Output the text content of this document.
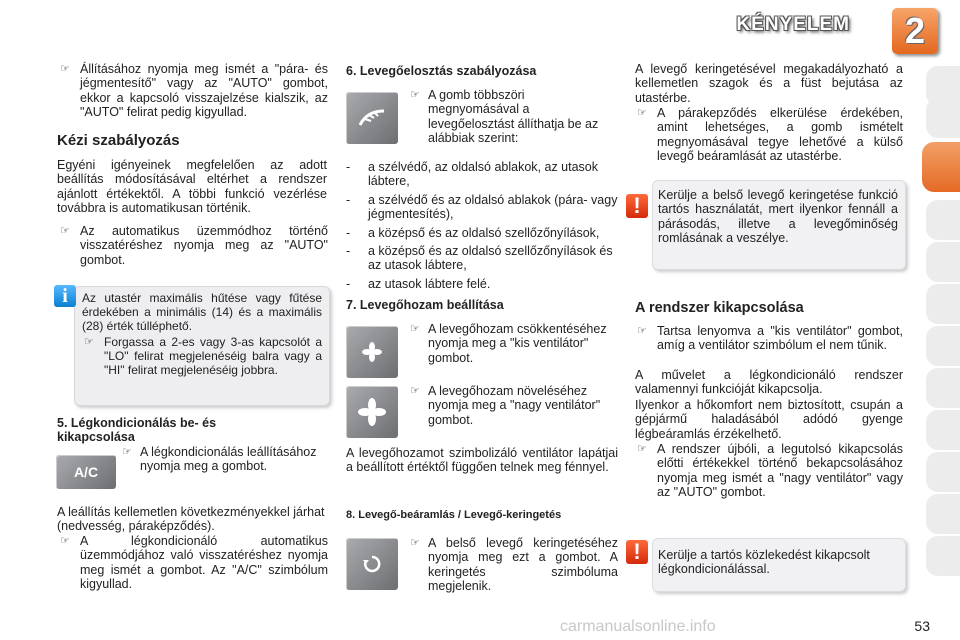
KÉNYELEM	2
☞ Állításához nyomja meg ismét a "pára- és jégmentesítő" vagy az "AUTO" gombot, ekkor a kapcsoló visszajelzése kialszik, az "AUTO" felirat pedig kigyullad.
Kézi szabályozás
Egyéni igényeinek megfelelően az adott beállítás módosításával eltérhet a rendszer ajánlott értékektől. A többi funkció vezérlése továbbra is automatikusan történik.
☞ Az automatikus üzemmódhoz történő visszatéréshez nyomja meg az "AUTO" gombot.
i	Az utastér maximális hűtése vagy fűtése érdekében a minimális (14) és a maximális (28) érték túlléphető.
☞ Forgassa a 2-es vagy 3-as kapcsolót a "LO" felirat megjelenéséig balra vagy a "HI" felirat megjelenéséig jobbra.
5. Légkondicionálás be- és kikapcsolása
A/C
☞ A légkondicionálás leállításához nyomja meg a gombot.
A leállítás kellemetlen következményekkel járhat (nedvesség, páraképződés).
☞ A légkondicionáló automatikus üzemmódjához való visszatéréshez nyomja meg ismét a gombot. Az "A/C" szimbólum kigyullad.
6. Levegőelosztás szabályozása
☞ A gomb többszöri megnyomásával a levegőelosztást állíthatja be az alábbiak szerint:
- a szélvédő, az oldalsó ablakok, az utasok lábtere,
- a szélvédő és az oldalsó ablakok (pára- vagy jégmentesítés),
- a középső és az oldalsó szellőzőnyílások,
- a középső és az oldalsó szellőzőnyílások és az utasok lábtere,
- az utasok lábtere felé.
7. Levegőhozam beállítása
☞ A levegőhozam csökkentéséhez nyomja meg a "kis ventilátor" gombot.
☞ A levegőhozam növeléséhez nyomja meg a "nagy ventilátor" gombot.
A levegőhozamot szimbolizáló ventilátor lapátjai a beállított értéktől függően telnek meg fénnyel.
8. Levegő-beáramlás / Levegő-keringetés
☞ A belső levegő keringetéséhez nyomja meg ezt a gombot. A keringetés szimbóluma megjelenik.
A levegő keringetésével megakadályozható a kellemetlen szagok és a füst bejutása az utastérbe.
☞ A párakepződés elkerülése érdekében, amint lehetséges, a gomb ismételt megnyomásával tegye lehetővé a külső levegő beáramlását az utastérbe.
!	Kerülje a belső levegő keringetése funkció tartós használatát, mert ilyenkor fennáll a párásodás, illetve a levegőminőség romlásának a veszélye.
A rendszer kikapcsolása
☞ Tartsa lenyomva a "kis ventilátor" gombot, amíg a ventilátor szimbólum el nem tűnik.
A művelet a légkondicionáló rendszer valamennyi funkcióját kikapcsolja.
Ilyenkor a hőkomfort nem biztosított, csupán a gépjármű haladásából adódó gyenge légbeáramlás érzékelhető.
☞ A rendszer újbóli, a legutolsó kikapcsolás előtti értékekkel történő bekapcsolásához nyomja meg ismét a "nagy ventilátor" vagy az "AUTO" gombot.
!	Kerülje a tartós közlekedést kikapcsolt légkondicionálással.
53
carmanualsonline.info
